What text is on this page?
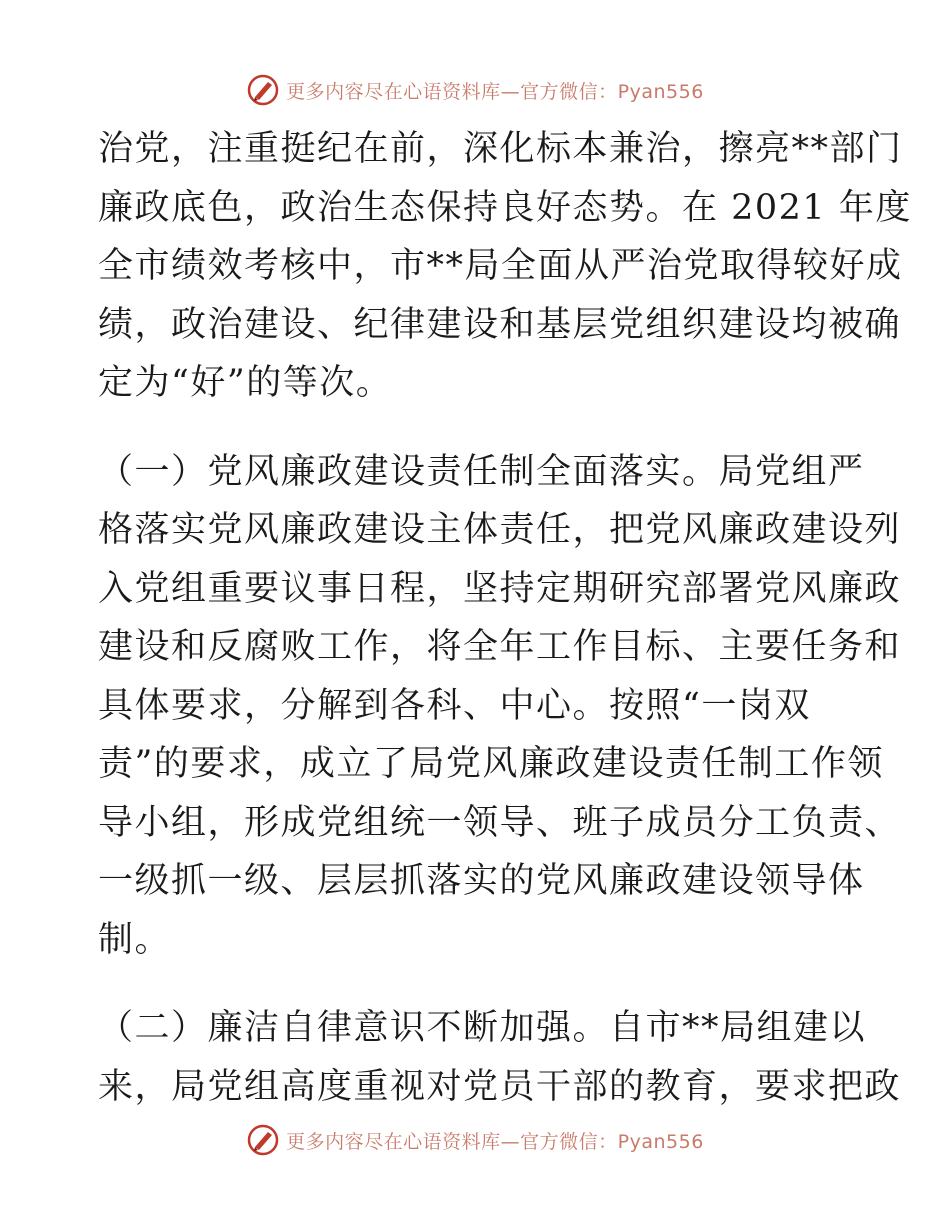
更多内容尽在心语资料库—官方微信：Pyan556

治党，注重挺纪在前，深化标本兼治，擦亮**部门
廉政底色，政治生态保持良好态势。在 2021 年度
全市绩效考核中，市**局全面从严治党取得较好成
绩，政治建设、纪律建设和基层党组织建设均被确
定为“好”的等次。

（一）党风廉政建设责任制全面落实。局党组严
格落实党风廉政建设主体责任，把党风廉政建设列
入党组重要议事日程，坚持定期研究部署党风廉政
建设和反腐败工作，将全年工作目标、主要任务和
具体要求，分解到各科、中心。按照“一岗双
责”的要求，成立了局党风廉政建设责任制工作领
导小组，形成党组统一领导、班子成员分工负责、
一级抓一级、层层抓落实的党风廉政建设领导体
制。

（二）廉洁自律意识不断加强。自市**局组建以
来，局党组高度重视对党员干部的教育，要求把政

更多内容尽在心语资料库—官方微信：Pyan556
